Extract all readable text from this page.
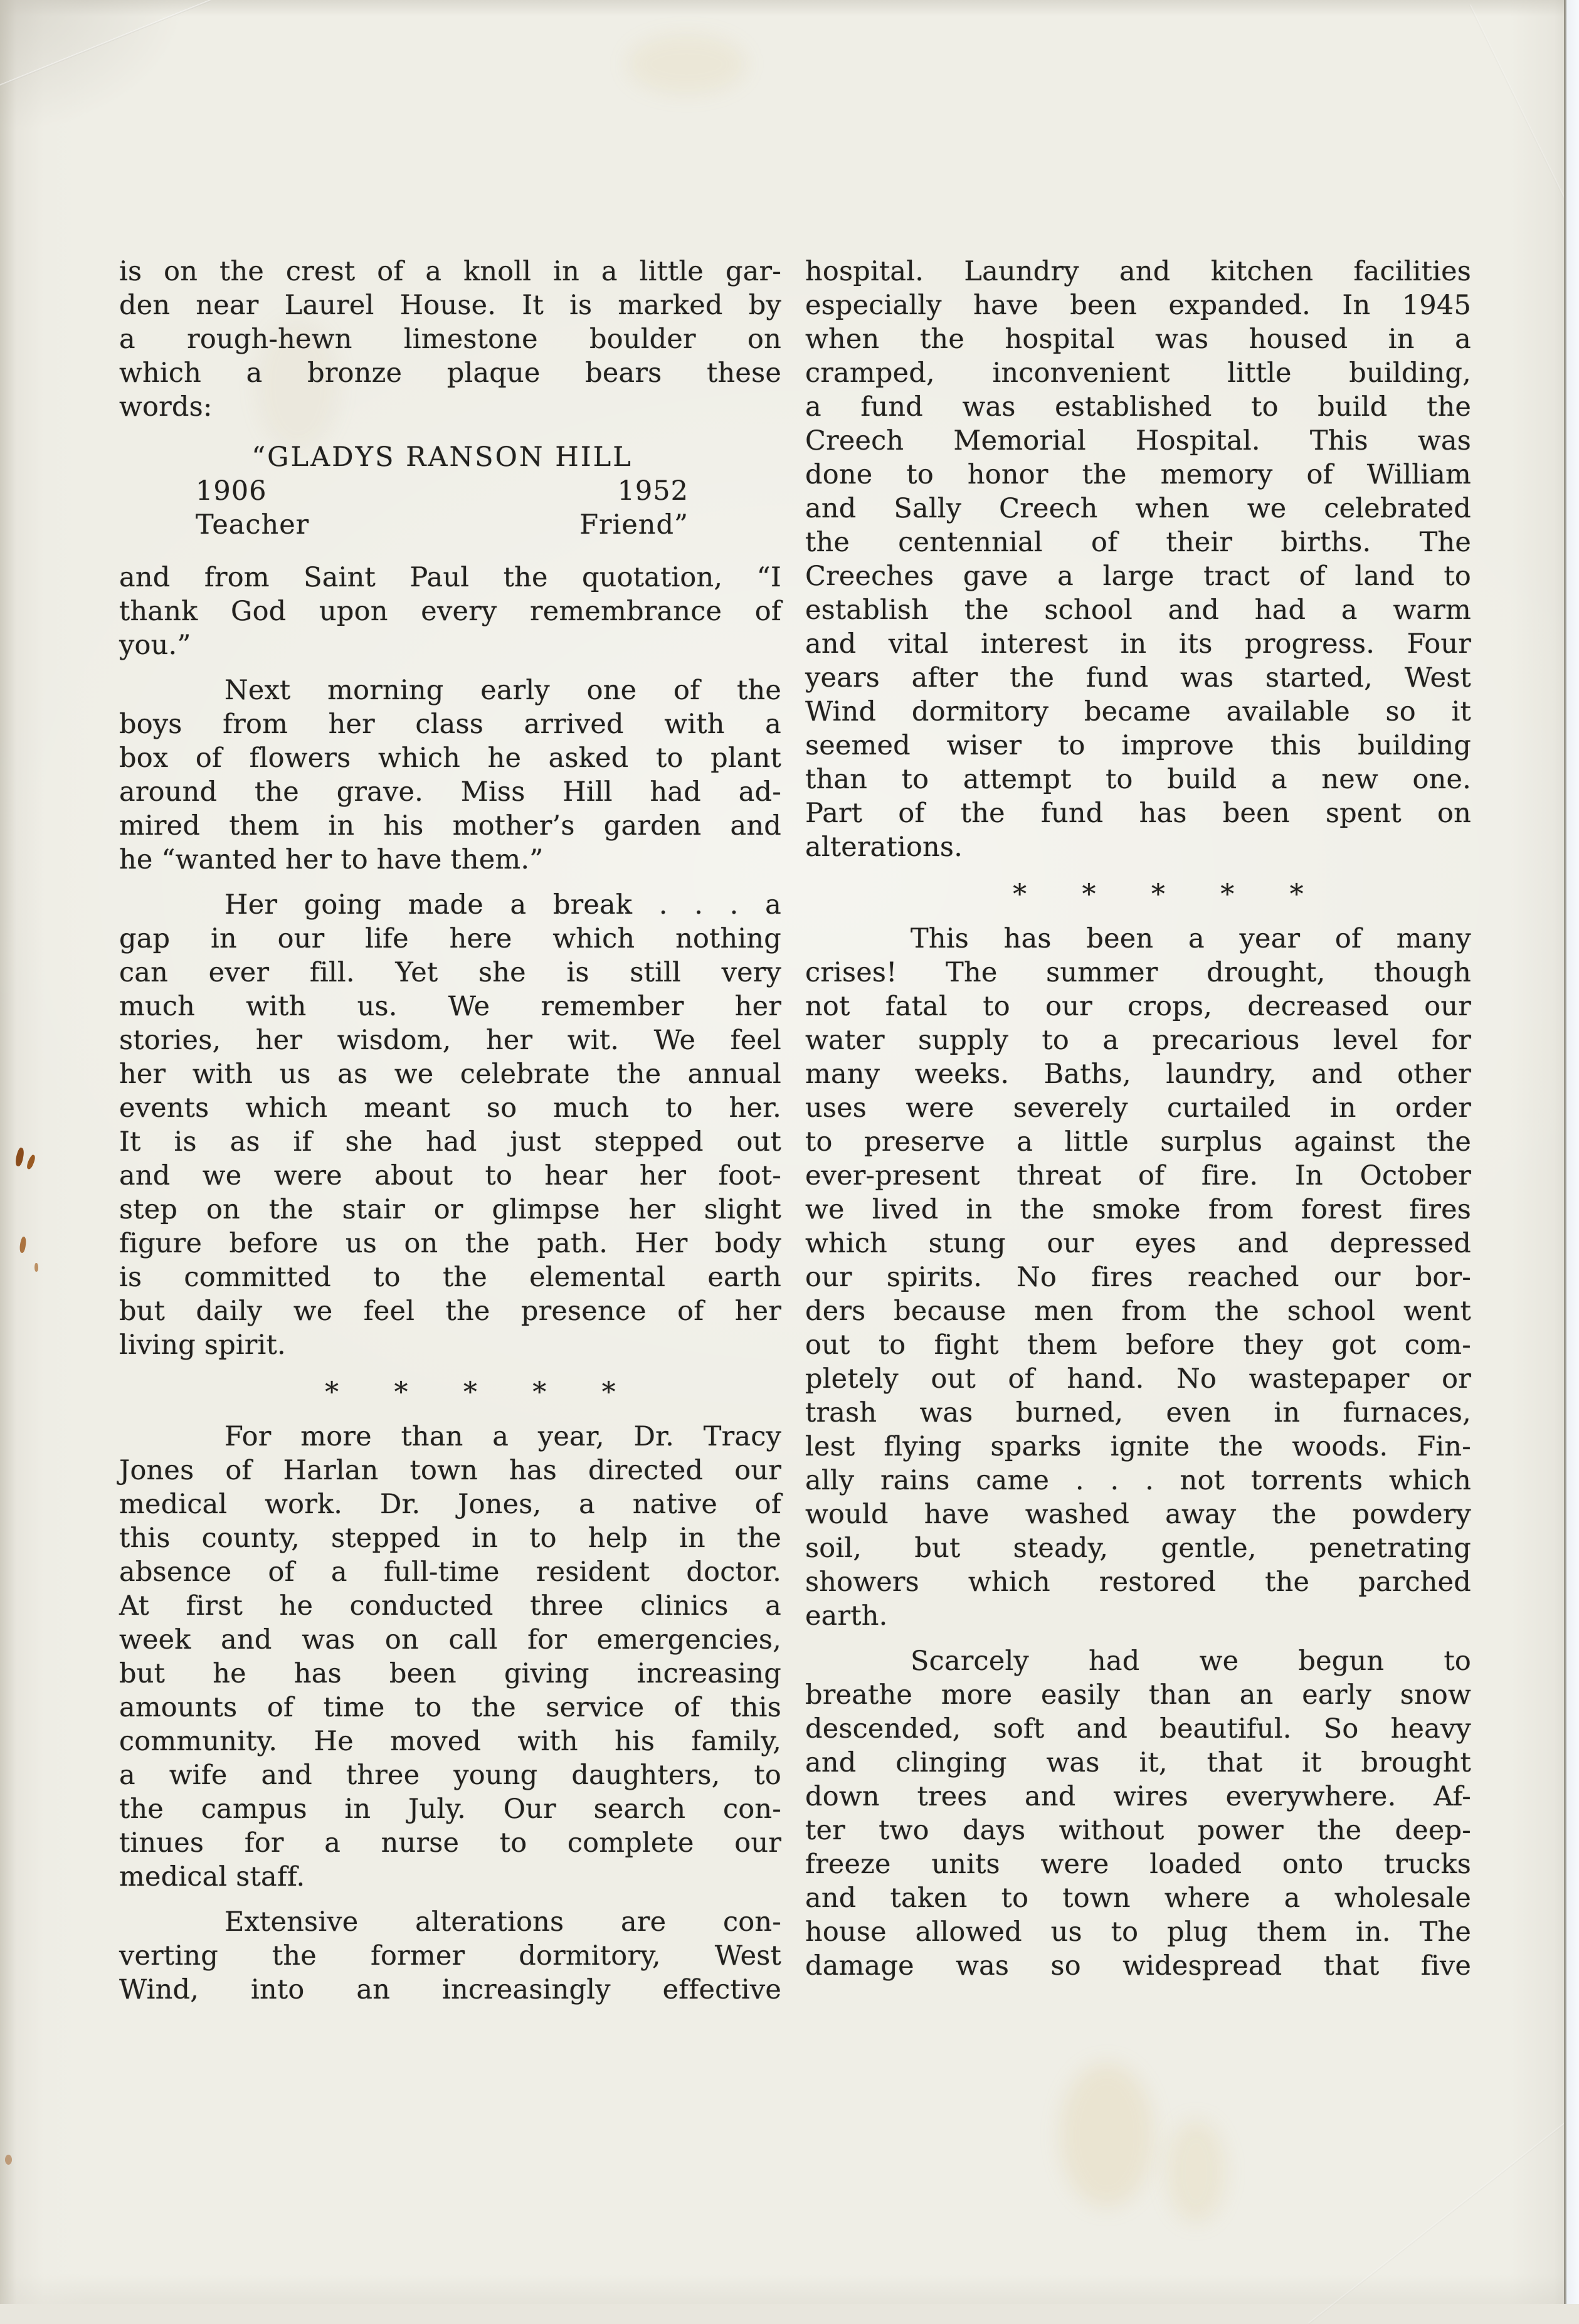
is on the crest of a knoll in a little gar-
den near Laurel House. It is marked by
a rough-hewn limestone boulder on
which a bronze plaque bears these
words:
“GLADYS RANSON HILL
1906	1952
Teacher	Friend”
and from Saint Paul the quotation, “I
thank God upon every remembrance of
you.”
Next morning early one of the
boys from her class arrived with a
box of flowers which he asked to plant
around the grave. Miss Hill had ad-
mired them in his mother’s garden and
he “wanted her to have them.”
Her going made a break . . . a
gap in our life here which nothing
can ever fill. Yet she is still very
much with us. We remember her
stories, her wisdom, her wit. We feel
her with us as we celebrate the annual
events which meant so much to her.
It is as if she had just stepped out
and we were about to hear her foot-
step on the stair or glimpse her slight
figure before us on the path. Her body
is committed to the elemental earth
but daily we feel the presence of her
living spirit.
* * * * *
For more than a year, Dr. Tracy
Jones of Harlan town has directed our
medical work. Dr. Jones, a native of
this county, stepped in to help in the
absence of a full-time resident doctor.
At first he conducted three clinics a
week and was on call for emergencies,
but he has been giving increasing
amounts of time to the service of this
community. He moved with his family,
a wife and three young daughters, to
the campus in July. Our search con-
tinues for a nurse to complete our
medical staff.
Extensive alterations are con-
verting the former dormitory, West
Wind, into an increasingly effective
hospital. Laundry and kitchen facilities
especially have been expanded. In 1945
when the hospital was housed in a
cramped, inconvenient little building,
a fund was established to build the
Creech Memorial Hospital. This was
done to honor the memory of William
and Sally Creech when we celebrated
the centennial of their births. The
Creeches gave a large tract of land to
establish the school and had a warm
and vital interest in its progress. Four
years after the fund was started, West
Wind dormitory became available so it
seemed wiser to improve this building
than to attempt to build a new one.
Part of the fund has been spent on
alterations.
* * * * *
This has been a year of many
crises! The summer drought, though
not fatal to our crops, decreased our
water supply to a precarious level for
many weeks. Baths, laundry, and other
uses were severely curtailed in order
to preserve a little surplus against the
ever-present threat of fire. In October
we lived in the smoke from forest fires
which stung our eyes and depressed
our spirits. No fires reached our bor-
ders because men from the school went
out to fight them before they got com-
pletely out of hand. No wastepaper or
trash was burned, even in furnaces,
lest flying sparks ignite the woods. Fin-
ally rains came . . . not torrents which
would have washed away the powdery
soil, but steady, gentle, penetrating
showers which restored the parched
earth.
Scarcely had we begun to
breathe more easily than an early snow
descended, soft and beautiful. So heavy
and clinging was it, that it brought
down trees and wires everywhere. Af-
ter two days without power the deep-
freeze units were loaded onto trucks
and taken to town where a wholesale
house allowed us to plug them in. The
damage was so widespread that five
